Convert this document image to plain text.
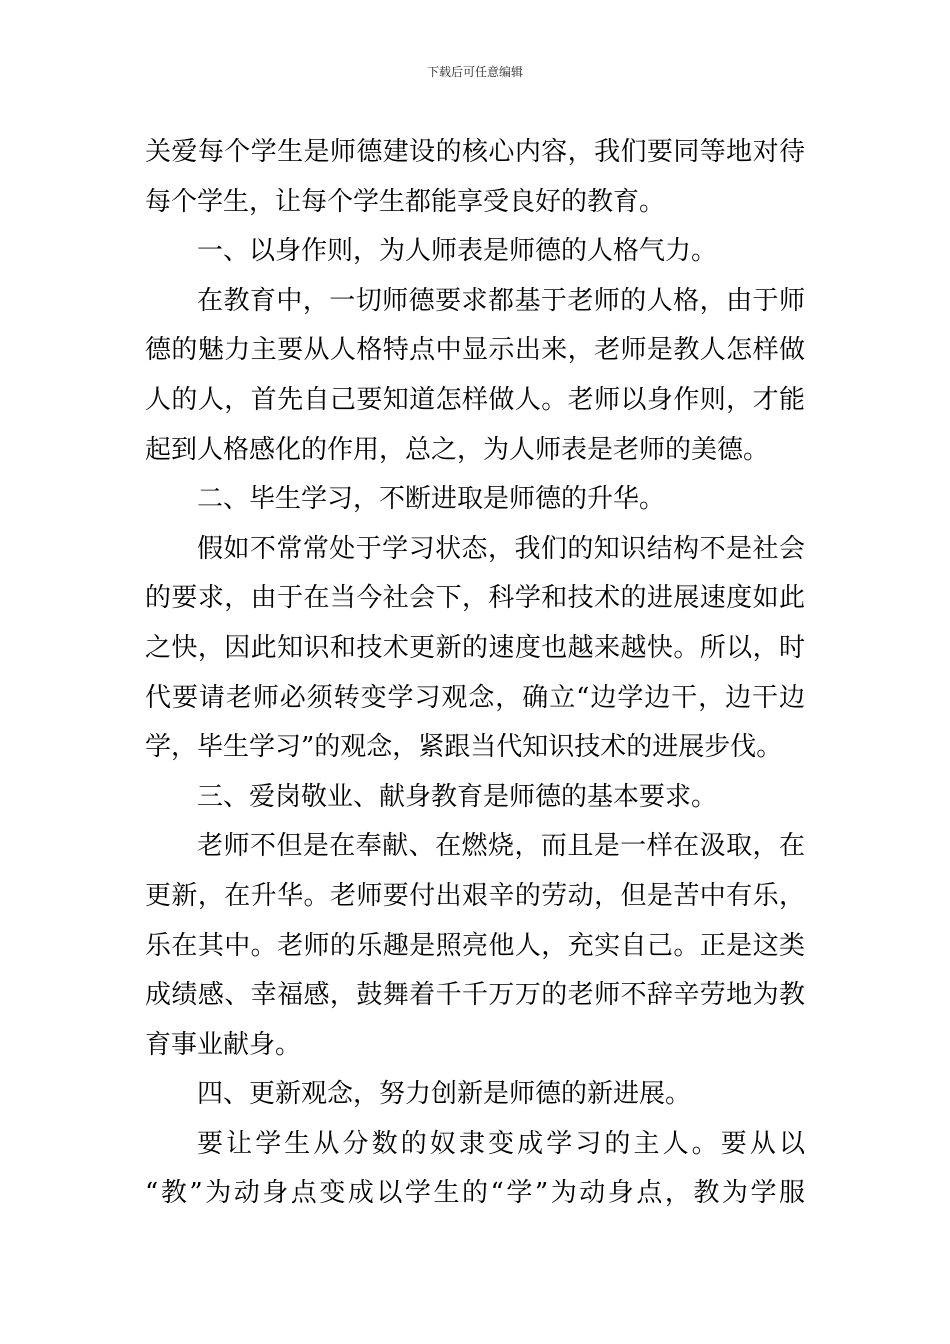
下载后可任意编辑
关爱每个学生是师德建设的核心内容，我们要同等地对待
每个学生，让每个学生都能享受良好的教育。
一、以身作则，为人师表是师德的人格气力。
在教育中，一切师德要求都基于老师的人格，由于师
德的魅力主要从人格特点中显示出来，老师是教人怎样做
人的人，首先自己要知道怎样做人。老师以身作则，才能
起到人格感化的作用，总之，为人师表是老师的美德。
二、毕生学习，不断进取是师德的升华。
假如不常常处于学习状态，我们的知识结构不是社会
的要求，由于在当今社会下，科学和技术的进展速度如此
之快，因此知识和技术更新的速度也越来越快。所以，时
代要请老师必须转变学习观念，确立“边学边干，边干边
学，毕生学习”的观念，紧跟当代知识技术的进展步伐。
三、爱岗敬业、献身教育是师德的基本要求。
老师不但是在奉献、在燃烧，而且是一样在汲取，在
更新，在升华。老师要付出艰辛的劳动，但是苦中有乐，
乐在其中。老师的乐趣是照亮他人，充实自己。正是这类
成绩感、幸福感，鼓舞着千千万万的老师不辞辛劳地为教
育事业献身。
四、更新观念，努力创新是师德的新进展。
要让学生从分数的奴隶变成学习的主人。要从以
“教”为动身点变成以学生的“学”为动身点，教为学服
